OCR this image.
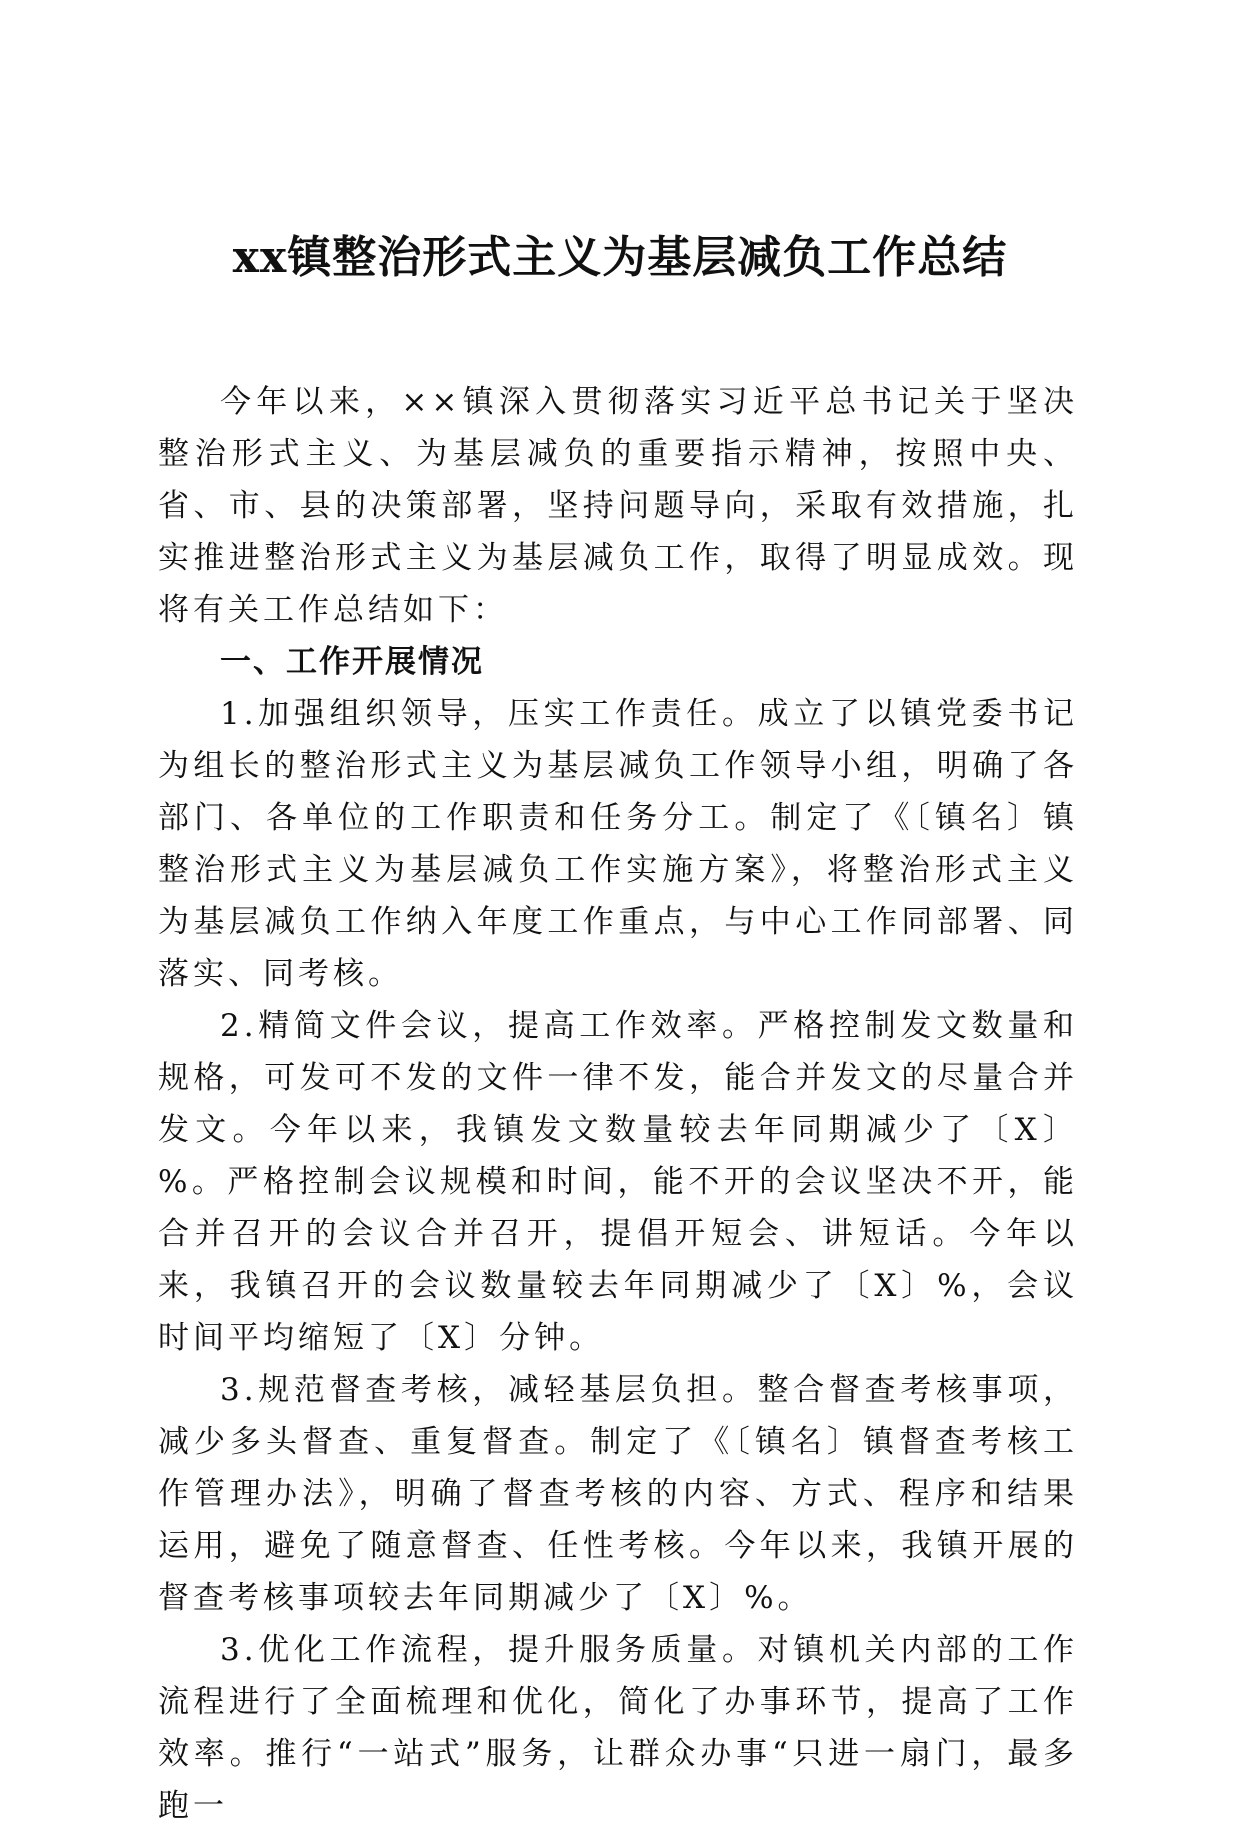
xx镇整治形式主义为基层减负工作总结

今年以来，××镇深入贯彻落实习近平总书记关于坚决整治形式主义、为基层减负的重要指示精神，按照中央、省、市、县的决策部署，坚持问题导向，采取有效措施，扎实推进整治形式主义为基层减负工作，取得了明显成效。现将有关工作总结如下：

一、工作开展情况

1.加强组织领导，压实工作责任。成立了以镇党委书记为组长的整治形式主义为基层减负工作领导小组，明确了各部门、各单位的工作职责和任务分工。制定了《〔镇名〕镇整治形式主义为基层减负工作实施方案》，将整治形式主义为基层减负工作纳入年度工作重点，与中心工作同部署、同落实、同考核。

2.精简文件会议，提高工作效率。严格控制发文数量和规格，可发可不发的文件一律不发，能合并发文的尽量合并发文。今年以来，我镇发文数量较去年同期减少了〔X〕%。严格控制会议规模和时间，能不开的会议坚决不开，能合并召开的会议合并召开，提倡开短会、讲短话。今年以来，我镇召开的会议数量较去年同期减少了〔X〕%，会议时间平均缩短了〔X〕分钟。

3.规范督查考核，减轻基层负担。整合督查考核事项，减少多头督查、重复督查。制定了《〔镇名〕镇督查考核工作管理办法》，明确了督查考核的内容、方式、程序和结果运用，避免了随意督查、任性考核。今年以来，我镇开展的督查考核事项较去年同期减少了〔X〕%。

3.优化工作流程，提升服务质量。对镇机关内部的工作流程进行了全面梳理和优化，简化了办事环节，提高了工作效率。推行“一站式”服务，让群众办事“只进一扇门，最多跑一
